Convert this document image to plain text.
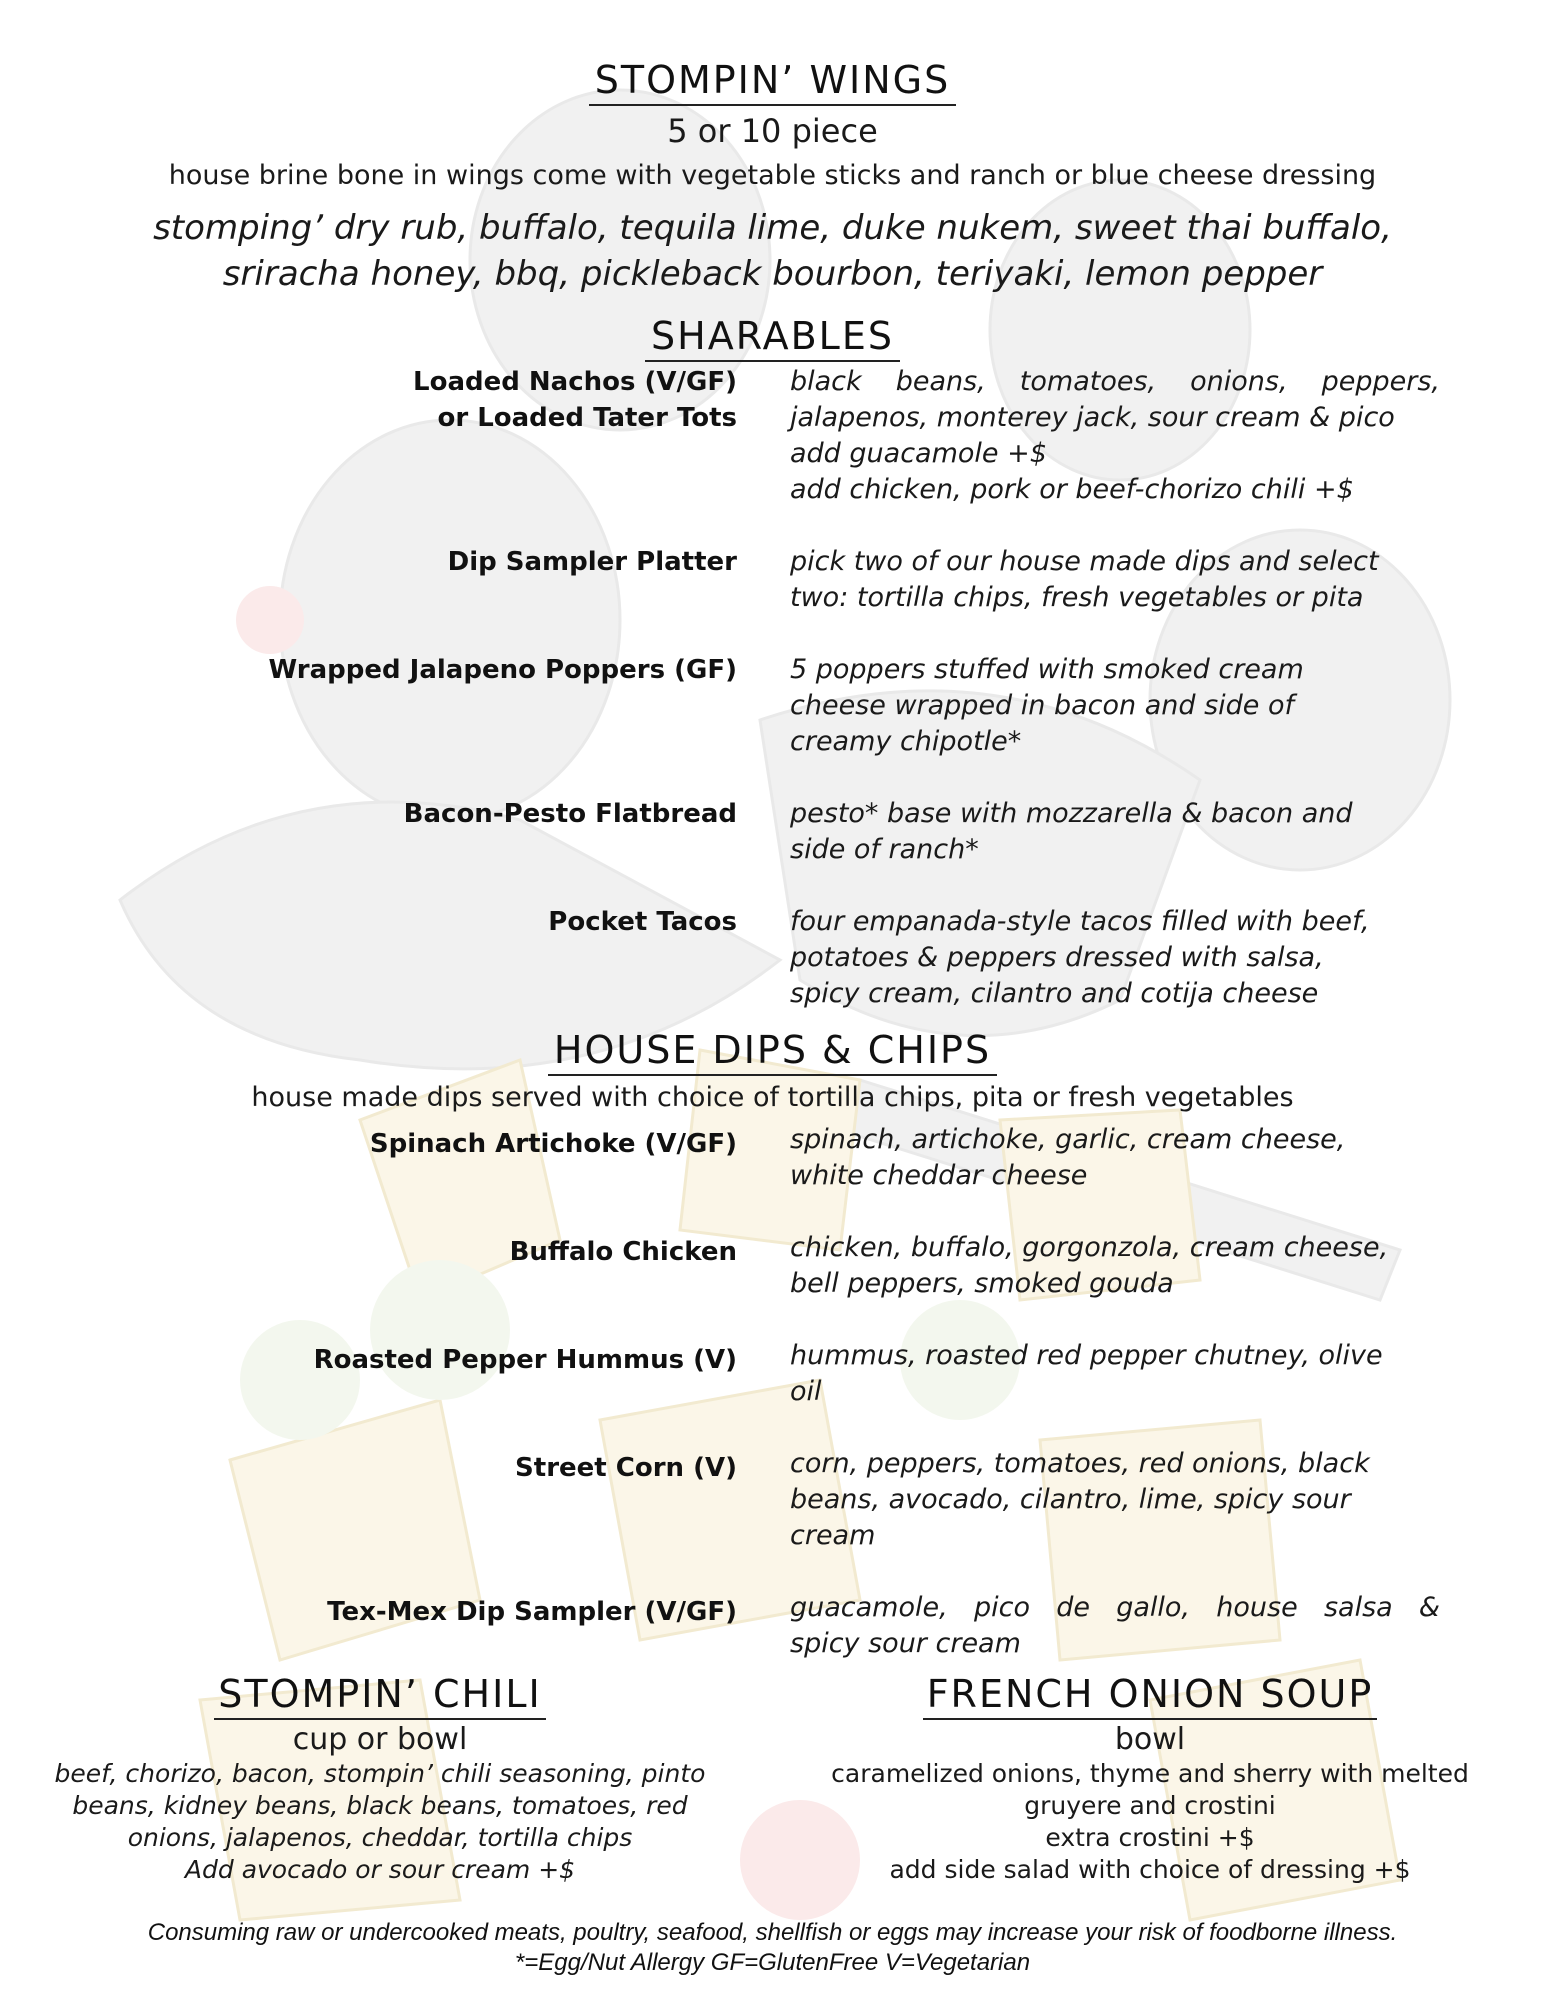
STOMPIN’ WINGS
5 or 10 piece
house brine bone in wings come with vegetable sticks and ranch or blue cheese dressing
stomping’ dry rub, buffalo, tequila lime, duke nukem, sweet thai buffalo,
sriracha honey, bbq, pickleback bourbon, teriyaki, lemon pepper
SHARABLES
Loaded Nachos (V/GF)
or Loaded Tater Tots
black beans, tomatoes, onions, peppers,
jalapenos, monterey jack, sour cream & pico
add guacamole +$
add chicken, pork or beef-chorizo chili +$
Dip Sampler Platter pick two of our house made dips and select
two: tortilla chips, fresh vegetables or pita
Wrapped Jalapeno Poppers (GF) 5 poppers stuffed with smoked cream
cheese wrapped in bacon and side of
creamy chipotle*
Bacon-Pesto Flatbread pesto* base with mozzarella & bacon and
side of ranch*
Pocket Tacos four empanada-style tacos filled with beef,
potatoes & peppers dressed with salsa,
spicy cream, cilantro and cotija cheese
HOUSE DIPS & CHIPS
house made dips served with choice of tortilla chips, pita or fresh vegetables
Spinach Artichoke (V/GF) spinach, artichoke, garlic, cream cheese,
white cheddar cheese
Buffalo Chicken chicken, buffalo, gorgonzola, cream cheese,
bell peppers, smoked gouda
Roasted Pepper Hummus (V) hummus, roasted red pepper chutney, olive
oil
Street Corn (V) corn, peppers, tomatoes, red onions, black
beans, avocado, cilantro, lime, spicy sour
cream
Tex-Mex Dip Sampler (V/GF) guacamole, pico de gallo, house salsa &
spicy sour cream
STOMPIN’ CHILI
cup or bowl
beef, chorizo, bacon, stompin’ chili seasoning, pinto
beans, kidney beans, black beans, tomatoes, red
onions, jalapenos, cheddar, tortilla chips
Add avocado or sour cream +$
FRENCH ONION SOUP
bowl
caramelized onions, thyme and sherry with melted
gruyere and crostini
extra crostini +$
add side salad with choice of dressing +$
Consuming raw or undercooked meats, poultry, seafood, shellfish or eggs may increase your risk of foodborne illness.
*=Egg/Nut Allergy GF=GlutenFree V=Vegetarian
